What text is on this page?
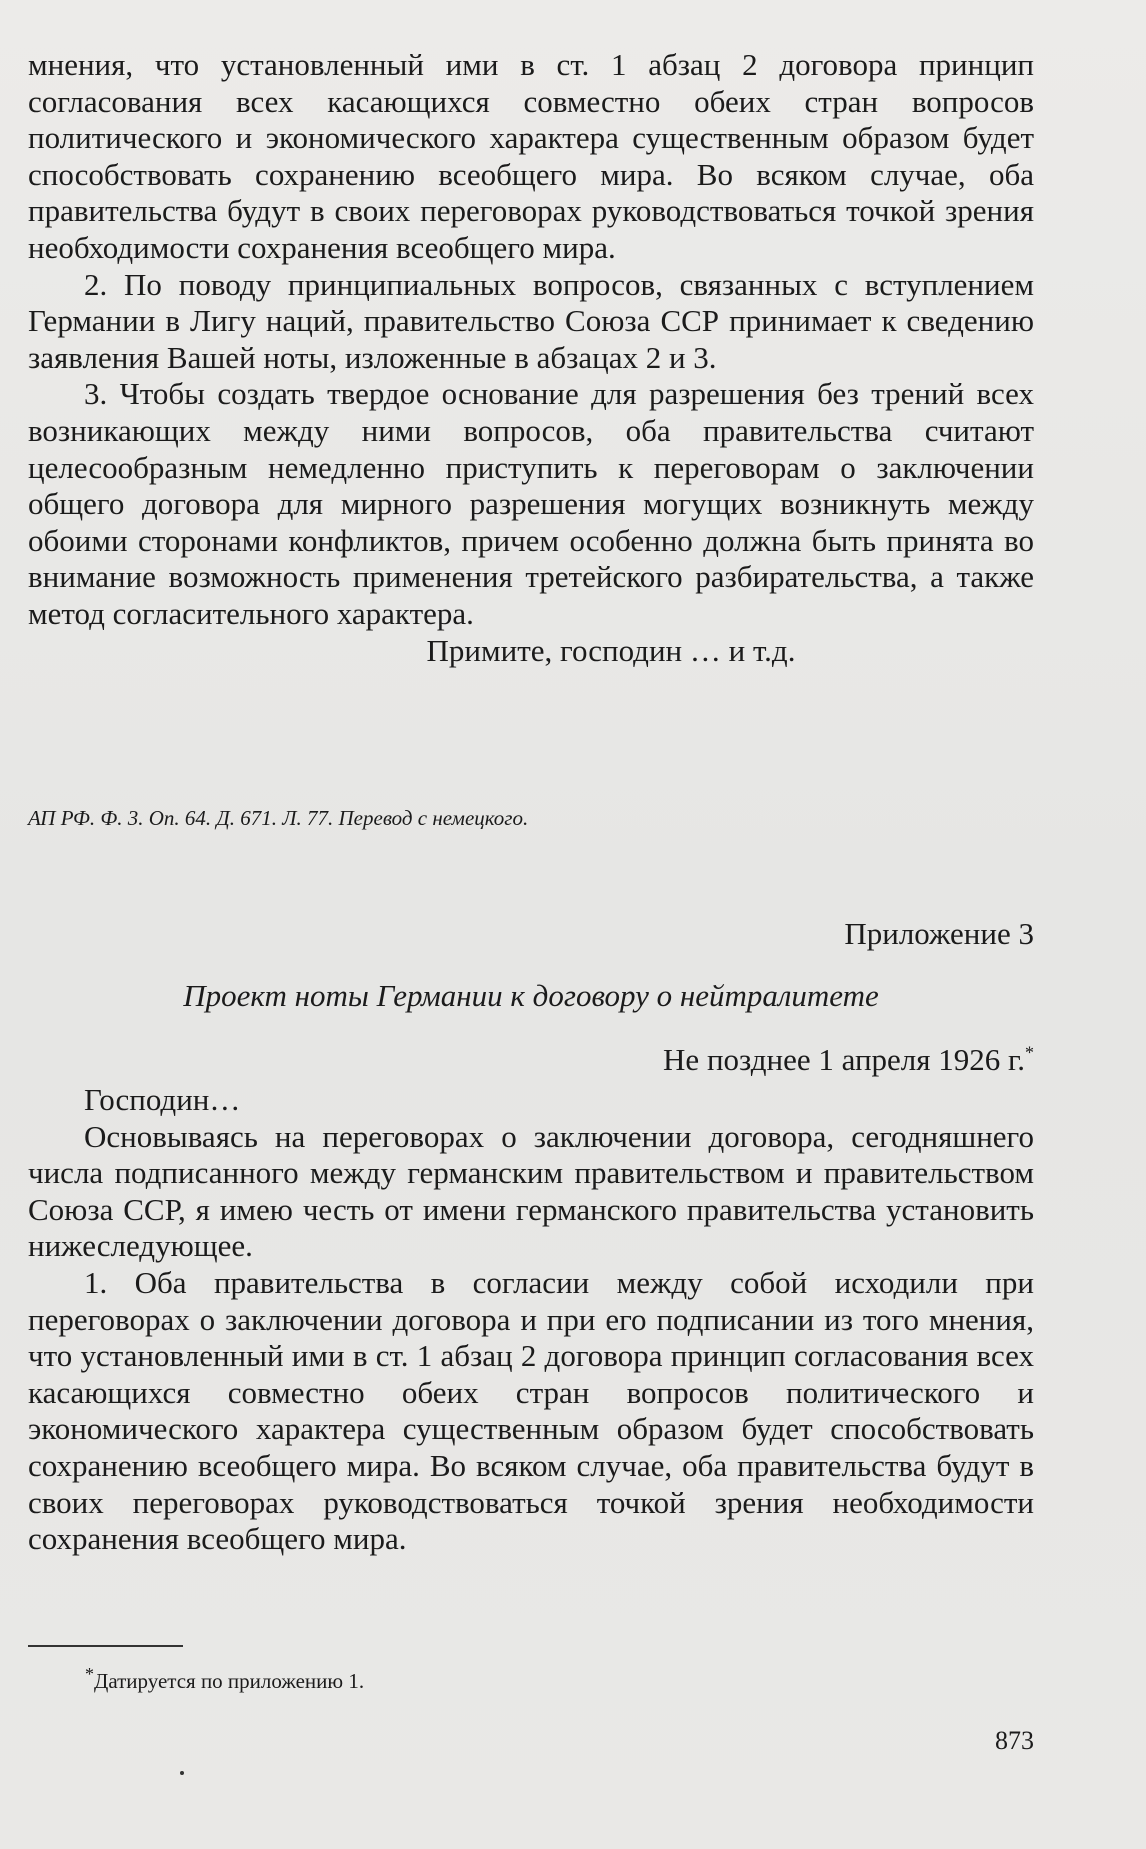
мнения, что установленный ими в ст. 1 абзац 2 договора принцип согласования всех касающихся совместно обеих стран вопросов политического и экономического характера существенным образом будет способствовать сохранению всеобщего мира. Во всяком случае, оба правительства будут в своих переговорах руководствоваться точкой зрения необходимости сохранения всеобщего мира.

2. По поводу принципиальных вопросов, связанных с вступлением Германии в Лигу наций, правительство Союза ССР принимает к сведению заявления Вашей ноты, изложенные в абзацах 2 и 3.

3. Чтобы создать твердое основание для разрешения без трений всех возникающих между ними вопросов, оба правительства считают целесообразным немедленно приступить к переговорам о заключении общего договора для мирного разрешения могущих возникнуть между обоими сторонами конфликтов, причем особенно должна быть принята во внимание возможность применения третейского разбирательства, а также метод согласительного характера.

Примите, господин … и т.д.

АП РФ. Ф. 3. Оп. 64. Д. 671. Л. 77. Перевод с немецкого.

Приложение 3

Проект ноты Германии к договору о нейтралитете

Не позднее 1 апреля 1926 г.*

Господин…

Основываясь на переговорах о заключении договора, сегодняшнего числа подписанного между германским правительством и правительством Союза ССР, я имею честь от имени германского правительства установить нижеследующее.

1. Оба правительства в согласии между собой исходили при переговорах о заключении договора и при его подписании из того мнения, что установленный ими в ст. 1 абзац 2 договора принцип согласования всех касающихся совместно обеих стран вопросов политического и экономического характера существенным образом будет способствовать сохранению всеобщего мира. Во всяком случае, оба правительства будут в своих переговорах руководствоваться точкой зрения необходимости сохранения всеобщего мира.

*Датируется по приложению 1.
873
